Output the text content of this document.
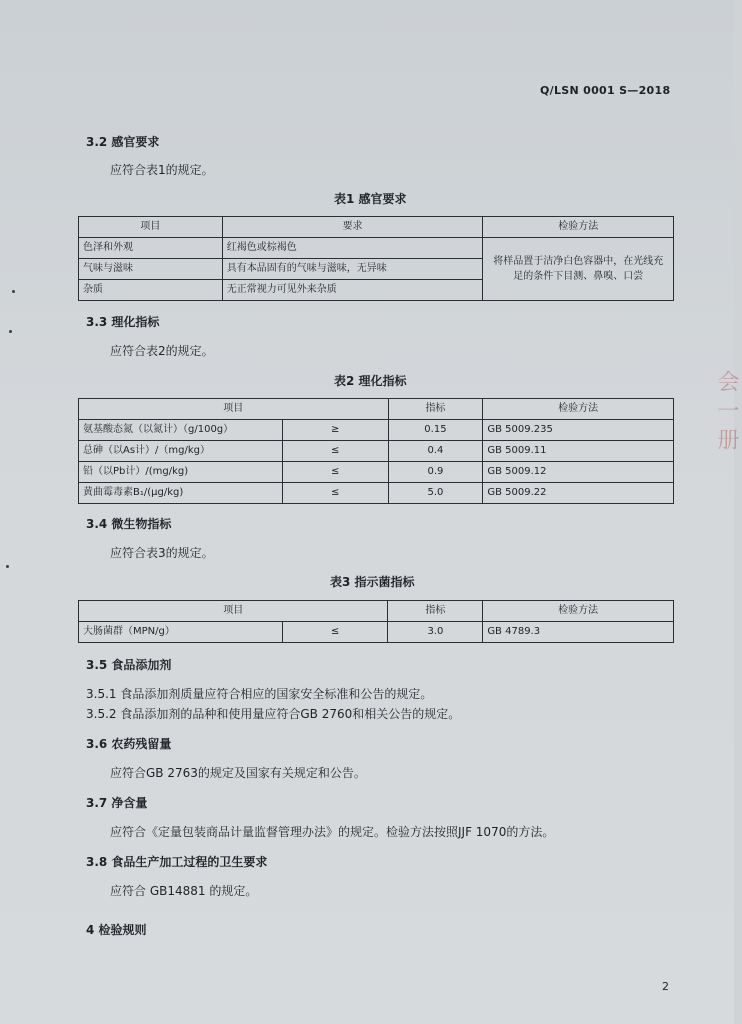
Q/LSN 0001 S—2018
3.2 感官要求
应符合表1的规定。
表1 感官要求
项目	要求	检验方法
色泽和外观	红褐色或棕褐色	将样品置于洁净白色容器中，在光线充足的条件下目测、鼻嗅、口尝
气味与滋味	具有本品固有的气味与滋味，无异味	
杂质	无正常视力可见外来杂质	
3.3 理化指标
应符合表2的规定。
表2 理化指标
项目		指标	检验方法
氨基酸态氮（以氮计）（g/100g）	≥	0.15	GB 5009.235
总砷（以As计）/（mg/kg）	≤	0.4	GB 5009.11
铅（以Pb计）/(mg/kg)	≤	0.9	GB 5009.12
黄曲霉毒素B₁/(μg/kg)	≤	5.0	GB 5009.22
3.4 微生物指标
应符合表3的规定。
表3 指示菌指标
项目		指标	检验方法
大肠菌群（MPN/g）	≤	3.0	GB 4789.3
3.5 食品添加剂
3.5.1 食品添加剂质量应符合相应的国家安全标准和公告的规定。
3.5.2 食品添加剂的品种和使用量应符合GB 2760和相关公告的规定。
3.6 农药残留量
应符合GB 2763的规定及国家有关规定和公告。
3.7 净含量
应符合《定量包装商品计量监督管理办法》的规定。检验方法按照JJF 1070的方法。
3.8 食品生产加工过程的卫生要求
应符合 GB14881 的规定。
4 检验规则
2
会 一 册
